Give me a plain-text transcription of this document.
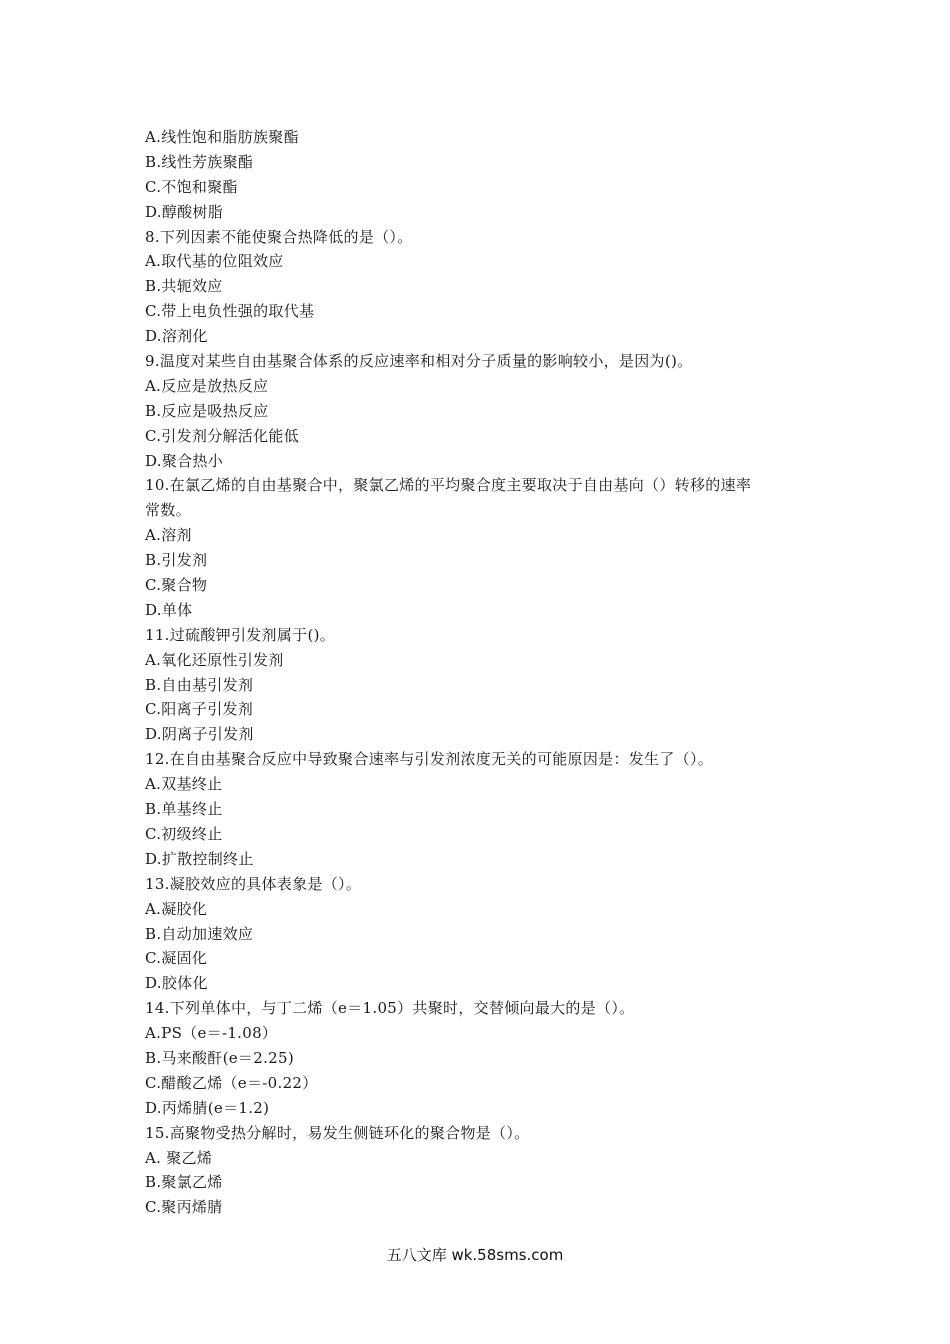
A.线性饱和脂肪族聚酯
B.线性芳族聚酯
C.不饱和聚酯
D.醇酸树脂
8.下列因素不能使聚合热降低的是（）。
A.取代基的位阻效应
B.共轭效应
C.带上电负性强的取代基
D.溶剂化
9.温度对某些自由基聚合体系的反应速率和相对分子质量的影响较小，是因为()。
A.反应是放热反应
B.反应是吸热反应
C.引发剂分解活化能低
D.聚合热小
10.在氯乙烯的自由基聚合中，聚氯乙烯的平均聚合度主要取决于自由基向（）转移的速率
常数。
A.溶剂
B.引发剂
C.聚合物
D.单体
11.过硫酸钾引发剂属于()。
A.氧化还原性引发剂
B.自由基引发剂
C.阳离子引发剂
D.阴离子引发剂
12.在自由基聚合反应中导致聚合速率与引发剂浓度无关的可能原因是：发生了（）。
A.双基终止
B.单基终止
C.初级终止
D.扩散控制终止
13.凝胶效应的具体表象是（）。
A.凝胶化
B.自动加速效应
C.凝固化
D.胶体化
14.下列单体中，与丁二烯（e＝1.05）共聚时，交替倾向最大的是（）。
A.PS（e＝-1.08）
B.马来酸酐(e＝2.25)
C.醋酸乙烯（e＝-0.22）
D.丙烯腈(e＝1.2)
15.高聚物受热分解时，易发生侧链环化的聚合物是（）。
A. 聚乙烯
B.聚氯乙烯
C.聚丙烯腈
五八文库 wk.58sms.com
